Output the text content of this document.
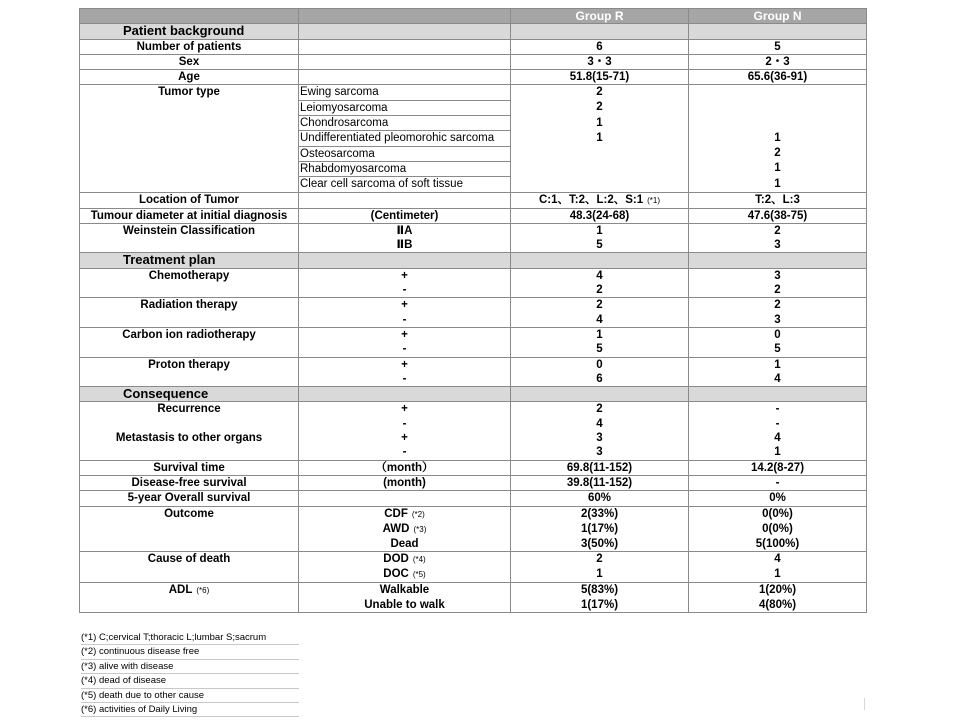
		Group R	Group N
Patient background			
Number of patients		6	5
Sex		3・3	2・3
Age		51.8(15-71)	65.6(36-91)
Tumor type	Ewing sarcoma	2	
	Leiomyosarcoma	2	
	Chondrosarcoma	1	
	Undifferentiated pleomorohic sarcoma	1	1
	Osteosarcoma		2
	Rhabdomyosarcoma		1
	Clear cell sarcoma of soft tissue		1
Location of Tumor		C:1、T:2、L:2、S:1 (*1)	T:2、L:3
Tumour diameter at initial diagnosis	(Centimeter)	48.3(24-68)	47.6(38-75)
Weinstein Classification	ⅡA	1	2
	ⅡB	5	3
Treatment plan			
Chemotherapy	+	4	3
	-	2	2
Radiation therapy	+	2	2
	-	4	3
Carbon ion radiotherapy	+	1	0
	-	5	5
Proton therapy	+	0	1
	-	6	4
Consequence			
Recurrence	+	2	-
	-	4	-
Metastasis to other organs	+	3	4
	-	3	1
Survival time	（month）	69.8(11-152)	14.2(8-27)
Disease-free survival	(month)	39.8(11-152)	-
5-year Overall survival		60%	0%
Outcome	CDF (*2)	2(33%)	0(0%)
	AWD (*3)	1(17%)	0(0%)
	Dead	3(50%)	5(100%)
Cause of death	DOD (*4)	2	4
	DOC (*5)	1	1
ADL (*6)	Walkable	5(83%)	1(20%)
	Unable to walk	1(17%)	4(80%)
(*1) C;cervical T;thoracic L;lumbar S;sacrum
(*2) continuous disease free
(*3) alive with disease
(*4) dead of disease
(*5) death due to other cause
(*6) activities of Daily Living
